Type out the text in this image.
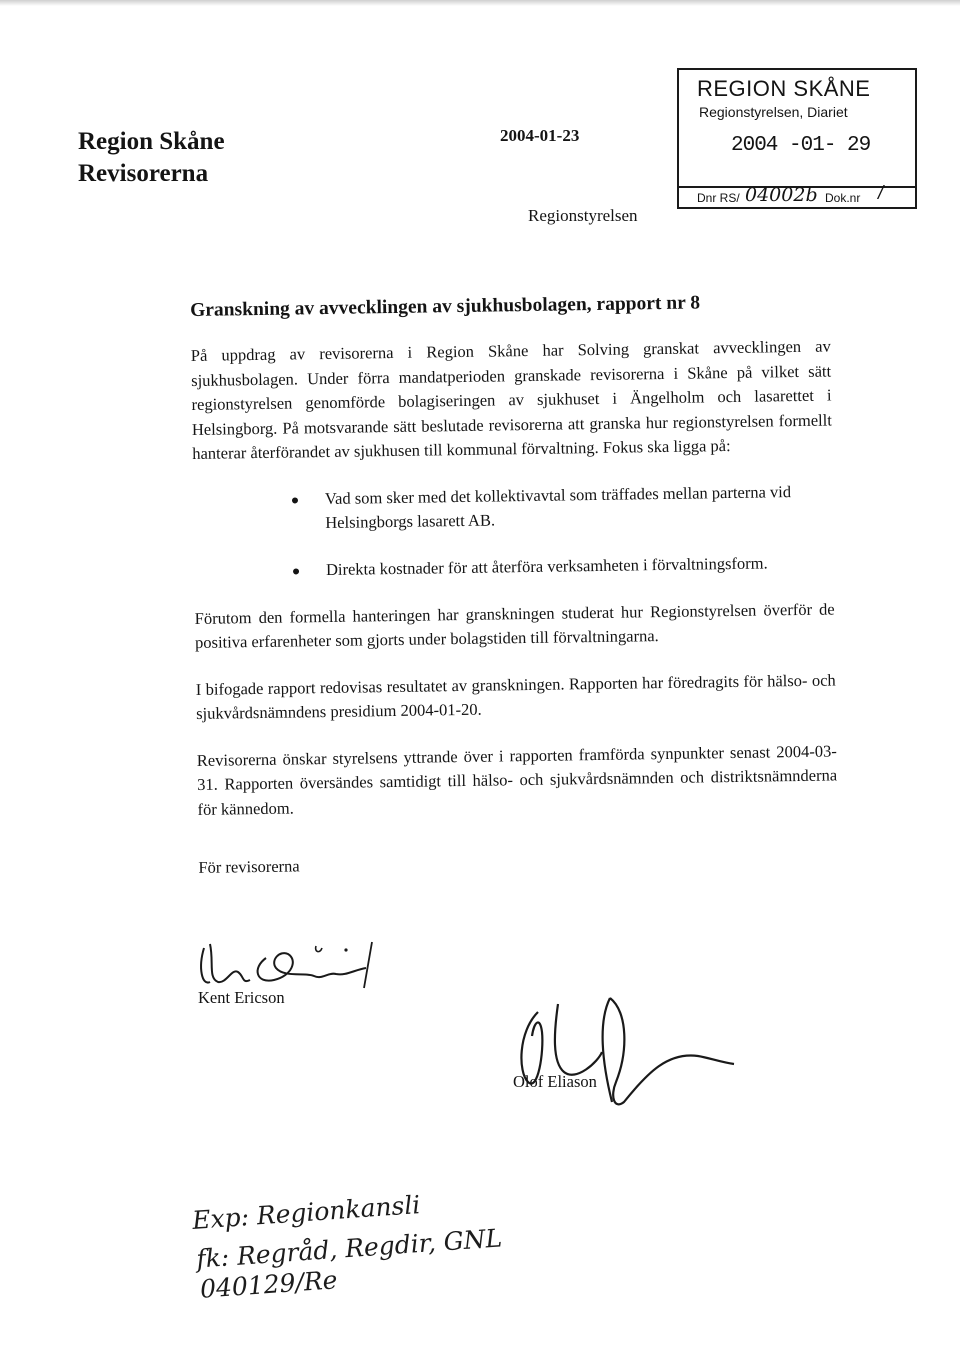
Region Skåne
Revisorerna
2004-01-23
Regionstyrelsen
REGION SKÅNE
Regionstyrelsen, Diariet
2004 -01- 29
Dnr RS/ 04002b Dok.nr /
Granskning av avvecklingen av sjukhusbolagen, rapport nr 8

På uppdrag av revisorerna i Region Skåne har Solving granskat avvecklingen av sjukhusbolagen. Under förra mandatperioden granskade revisorerna i Skåne på vilket sätt regionstyrelsen genomförde bolagiseringen av sjukhuset i Ängelholm och lasarettet i Helsingborg. På motsvarande sätt beslutade revisorerna att granska hur regionstyrelsen formellt hanterar återförandet av sjukhusen till kommunal förvaltning. Fokus ska ligga på:

Vad som sker med det kollektivavtal som träffades mellan parterna vid Helsingborgs lasarett AB.
Direkta kostnader för att återföra verksamheten i förvaltningsform.

Förutom den formella hanteringen har granskningen studerat hur Regionstyrelsen överför de positiva erfarenheter som gjorts under bolagstiden till förvaltningarna.

I bifogade rapport redovisas resultatet av granskningen. Rapporten har föredragits för hälso- och sjukvårdsnämndens presidium 2004-01-20.

Revisorerna önskar styrelsens yttrande över i rapporten framförda synpunkter senast 2004-03-31. Rapporten översändes samtidigt till hälso- och sjukvårdsnämnden och distriktsnämnderna för kännedom.

För revisorerna
Kent Ericson
Olof Eliason
Exp: Regionkansli
fk: Regråd, Regdir, GNL
040129/Re
